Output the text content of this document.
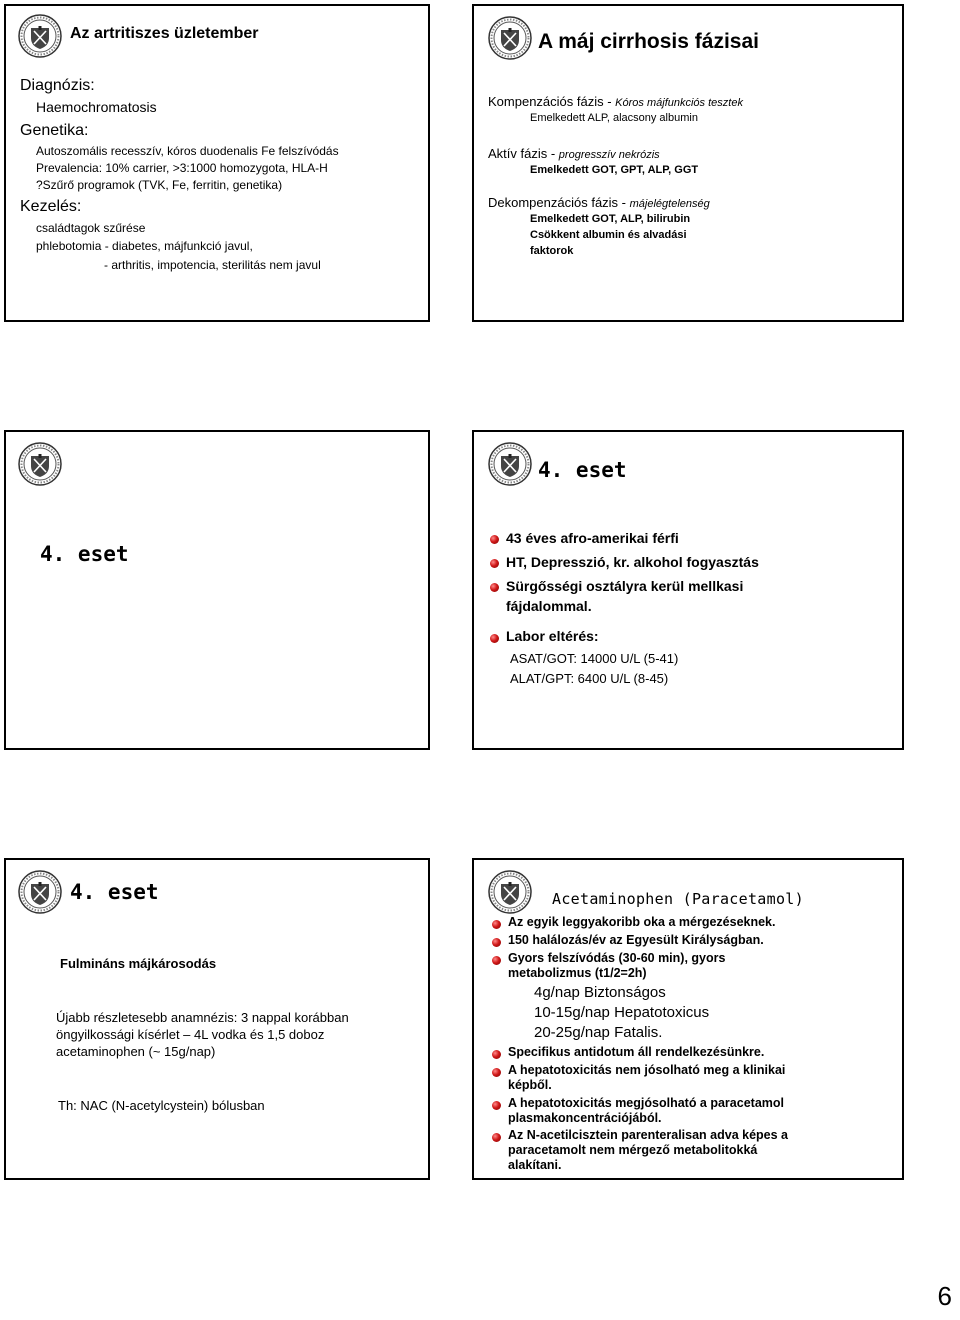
Az artritiszes üzletember
Diagnózis:
Haemochromatosis
Genetika:
Autoszomális recesszív, kóros duodenalis Fe felszívódás
Prevalencia: 10% carrier, >3:1000 homozygota, HLA-H
?Szűrő programok (TVK, Fe, ferritin, genetika)
Kezelés:
családtagok szűrése
phlebotomia - diabetes, májfunkció javul,
- arthritis, impotencia, sterilitás nem javul
A máj cirrhosis fázisai
Kompenzációs fázis - Kóros májfunkciós tesztek
Emelkedett ALP, alacsony albumin
Aktív fázis - progresszív nekrózis
Emelkedett GOT, GPT, ALP, GGT
Dekompenzációs fázis - májelégtelenség
Emelkedett GOT, ALP, bilirubin
Csökkent albumin és alvadási
faktorok
4. eset
4. eset
43 éves afro-amerikai férfi
HT, Depresszió, kr. alkohol fogyasztás
Sürgősségi osztályra kerül mellkasi
fájdalommal.
Labor eltérés:
ASAT/GOT: 14000 U/L (5-41)
ALAT/GPT: 6400 U/L (8-45)
4. eset
Fulmináns májkárosodás
Újabb részletesebb anamnézis: 3 nappal korábban
öngyilkossági kísérlet – 4L vodka és 1,5 doboz
acetaminophen (~ 15g/nap)
Th: NAC (N-acetylcystein) bólusban
Acetaminophen (Paracetamol)
Az egyik leggyakoribb oka a mérgezéseknek.
150 halálozás/év az Egyesült Királyságban.
Gyors felszívódás (30-60 min), gyors
metabolizmus (t1/2=2h)
4g/nap Biztonságos
10-15g/nap Hepatotoxicus
20-25g/nap Fatalis.
Specifikus antidotum áll rendelkezésünkre.
A hepatotoxicitás nem jósolható meg a klinikai
képből.
A hepatotoxicitás megjósolható a paracetamol
plasmakoncentrációjából.
Az N-acetilcisztein parenteralisan adva képes a
paracetamolt nem mérgező metabolitokká
alakítani.
6
